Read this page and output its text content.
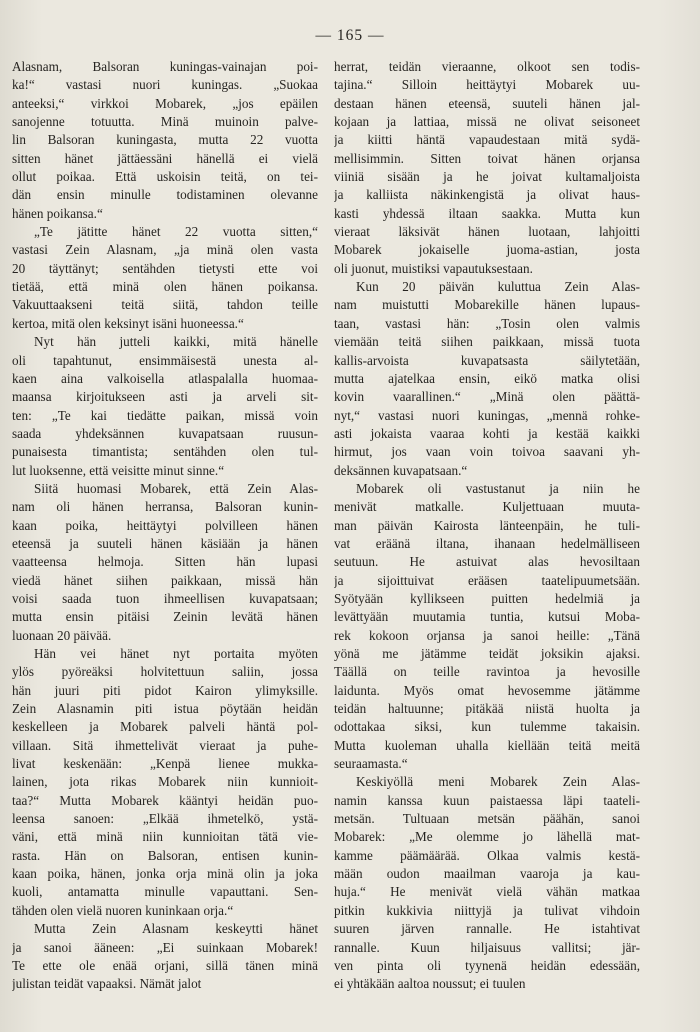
— 165 —
Alasnam, Balsoran kuningas-vainajan poi-
ka!“ vastasi nuori kuningas. „Suokaa
anteeksi,“ virkkoi Mobarek, „jos epäilen
sanojenne totuutta. Minä muinoin palve-
lin Balsoran kuningasta, mutta 22 vuotta
sitten hänet jättäessäni hänellä ei vielä
ollut poikaa. Että uskoisin teitä, on tei-
dän ensin minulle todistaminen olevanne
hänen poikansa.“
„Te jätitte hänet 22 vuotta sitten,“
vastasi Zein Alasnam, „ja minä olen vasta
20 täyttänyt; sentähden tietysti ette voi
tietää, että minä olen hänen poikansa.
Vakuuttaakseni teitä siitä, tahdon teille
kertoa, mitä olen keksinyt isäni huoneessa.“
Nyt hän jutteli kaikki, mitä hänelle
oli tapahtunut, ensimmäisestä unesta al-
kaen aina valkoisella atlaspalalla huomaa-
maansa kirjoitukseen asti ja arveli sit-
ten: „Te kai tiedätte paikan, missä voin
saada yhdeksännen kuvapatsaan ruusun-
punaisesta timantista; sentähden olen tul-
lut luoksenne, että veisitte minut sinne.“
Siitä huomasi Mobarek, että Zein Alas-
nam oli hänen herransa, Balsoran kunin-
kaan poika, heittäytyi polvilleen hänen
eteensä ja suuteli hänen käsiään ja hänen
vaatteensa helmoja. Sitten hän lupasi
viedä hänet siihen paikkaan, missä hän
voisi saada tuon ihmeellisen kuvapatsaan;
mutta ensin pitäisi Zeinin levätä hänen
luonaan 20 päivää.
Hän vei hänet nyt portaita myöten
ylös pyöreäksi holvitettuun saliin, jossa
hän juuri piti pidot Kairon ylimyksille.
Zein Alasnamin piti istua pöytään heidän
keskelleen ja Mobarek palveli häntä pol-
villaan. Sitä ihmettelivät vieraat ja puhe-
livat keskenään: „Kenpä lienee mukka-
lainen, jota rikas Mobarek niin kunnioit-
taa?“ Mutta Mobarek kääntyi heidän puo-
leensa sanoen: „Elkää ihmetelkö, ystä-
väni, että minä niin kunnioitan tätä vie-
rasta. Hän on Balsoran, entisen kunin-
kaan poika, hänen, jonka orja minä olin ja joka
kuoli, antamatta minulle vapauttani. Sen-
tähden olen vielä nuoren kuninkaan orja.“
Mutta Zein Alasnam keskeytti hänet
ja sanoi ääneen: „Ei suinkaan Mobarek!
Te ette ole enää orjani, sillä tänen minä
julistan teidät vapaaksi. Nämät jalot
herrat, teidän vieraanne, olkoot sen todis-
tajina.“ Silloin heittäytyi Mobarek uu-
destaan hänen eteensä, suuteli hänen jal-
kojaan ja lattiaa, missä ne olivat seisoneet
ja kiitti häntä vapaudestaan mitä sydä-
mellisimmin. Sitten toivat hänen orjansa
viiniä sisään ja he joivat kultamaljoista
ja kalliista näkinkengistä ja olivat haus-
kasti yhdessä iltaan saakka. Mutta kun
vieraat läksivät hänen luotaan, lahjoitti
Mobarek jokaiselle juoma-astian, josta
oli juonut, muistiksi vapautuksestaan.
Kun 20 päivän kuluttua Zein Alas-
nam muistutti Mobarekille hänen lupaus-
taan, vastasi hän: „Tosin olen valmis
viemään teitä siihen paikkaan, missä tuota
kallis-arvoista kuvapatsasta säilytetään,
mutta ajatelkaa ensin, eikö matka olisi
kovin vaarallinen.“ „Minä olen päättä-
nyt,“ vastasi nuori kuningas, „mennä rohke-
asti jokaista vaaraa kohti ja kestää kaikki
hirmut, jos vaan voin toivoa saavani yh-
deksännen kuvapatsaan.“
Mobarek oli vastustanut ja niin he
menivät matkalle. Kuljettuaan muuta-
man päivän Kairosta länteenpäin, he tuli-
vat eräänä iltana, ihanaan hedelmälliseen
seutuun. He astuivat alas hevosiltaan
ja sijoittuivat erääsen taatelipuumetsään.
Syötyään kyllikseen puitten hedelmiä ja
levättyään muutamia tuntia, kutsui Moba-
rek kokoon orjansa ja sanoi heille: „Tänä
yönä me jätämme teidät joksikin ajaksi.
Täällä on teille ravintoa ja hevosille
laidunta. Myös omat hevosemme jätämme
teidän haltuunne; pitäkää niistä huolta ja
odottakaa siksi, kun tulemme takaisin.
Mutta kuoleman uhalla kiellään teitä meitä
seuraamasta.“
Keskiyöllä meni Mobarek Zein Alas-
namin kanssa kuun paistaessa läpi taateli-
metsän. Tultuaan metsän päähän, sanoi
Mobarek: „Me olemme jo lähellä mat-
kamme päämäärää. Olkaa valmis kestä-
mään oudon maailman vaaroja ja kau-
huja.“ He menivät vielä vähän matkaa
pitkin kukkivia niittyjä ja tulivat vihdoin
suuren järven rannalle. He istahtivat
rannalle. Kuun hiljaisuus vallitsi; jär-
ven pinta oli tyynenä heidän edessään,
ei yhtäkään aaltoa noussut; ei tuulen
